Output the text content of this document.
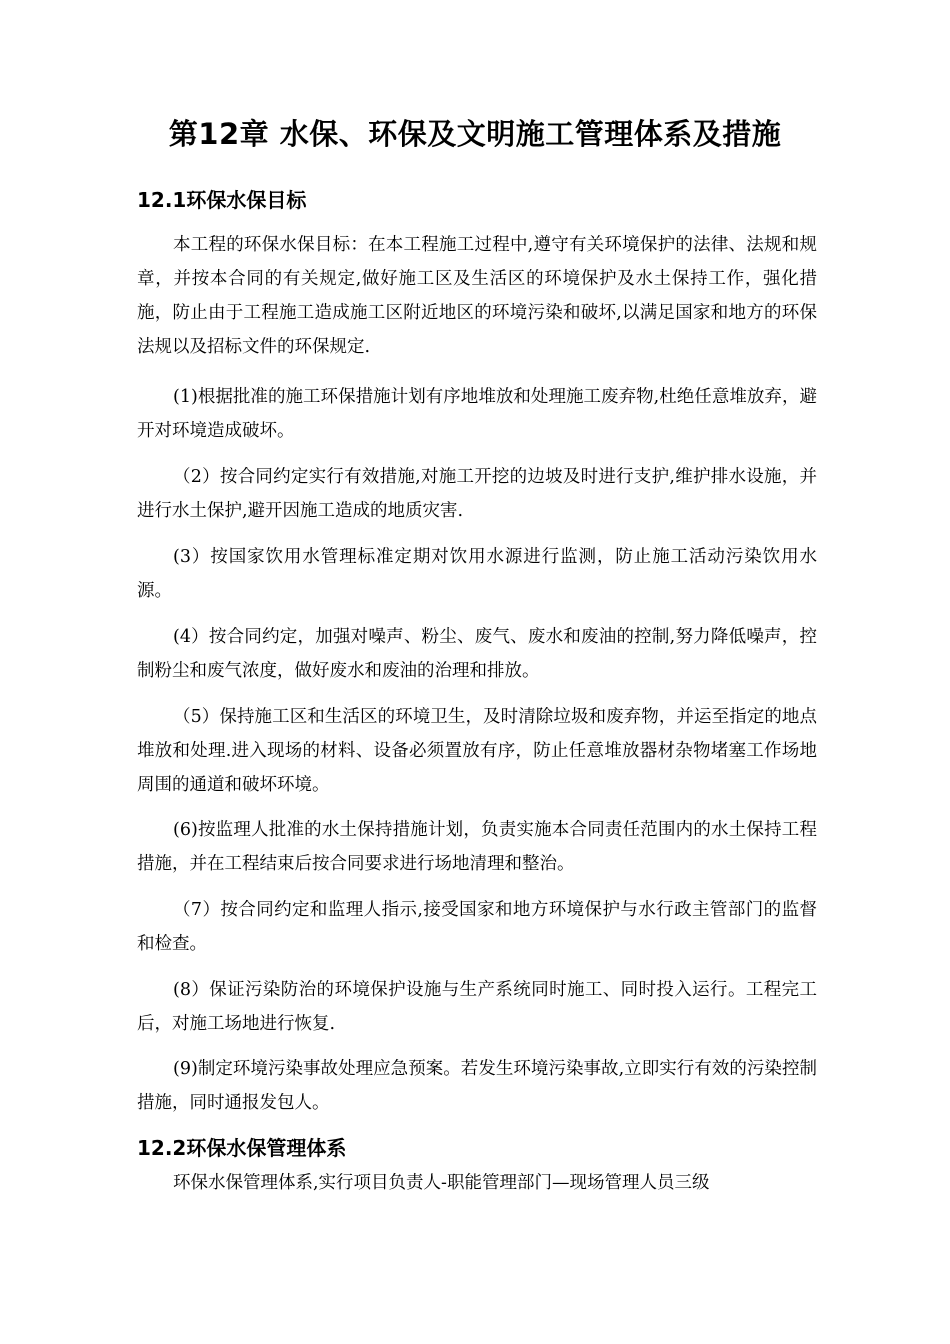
第12章 水保、环保及文明施工管理体系及措施
12.1环保水保目标

本工程的环保水保目标：在本工程施工过程中,遵守有关环境保护的法律、法规和规章，并按本合同的有关规定,做好施工区及生活区的环境保护及水土保持工作，强化措施，防止由于工程施工造成施工区附近地区的环境污染和破坏,以满足国家和地方的环保法规以及招标文件的环保规定.

(1)根据批准的施工环保措施计划有序地堆放和处理施工废弃物,杜绝任意堆放弃，避开对环境造成破坏。

（2）按合同约定实行有效措施,对施工开挖的边坡及时进行支护,维护排水设施，并进行水土保护,避开因施工造成的地质灾害.

(3）按国家饮用水管理标准定期对饮用水源进行监测，防止施工活动污染饮用水源。

(4）按合同约定，加强对噪声、粉尘、废气、废水和废油的控制,努力降低噪声，控制粉尘和废气浓度，做好废水和废油的治理和排放。

（5）保持施工区和生活区的环境卫生，及时清除垃圾和废弃物，并运至指定的地点堆放和处理.进入现场的材料、设备必须置放有序，防止任意堆放器材杂物堵塞工作场地周围的通道和破坏环境。

(6)按监理人批准的水土保持措施计划，负责实施本合同责任范围内的水土保持工程措施，并在工程结束后按合同要求进行场地清理和整治。

（7）按合同约定和监理人指示,接受国家和地方环境保护与水行政主管部门的监督和检查。

(8）保证污染防治的环境保护设施与生产系统同时施工、同时投入运行。工程完工后，对施工场地进行恢复.

(9)制定环境污染事故处理应急预案。若发生环境污染事故,立即实行有效的污染控制措施，同时通报发包人。

12.2环保水保管理体系

环保水保管理体系,实行项目负责人-职能管理部门—现场管理人员三级
